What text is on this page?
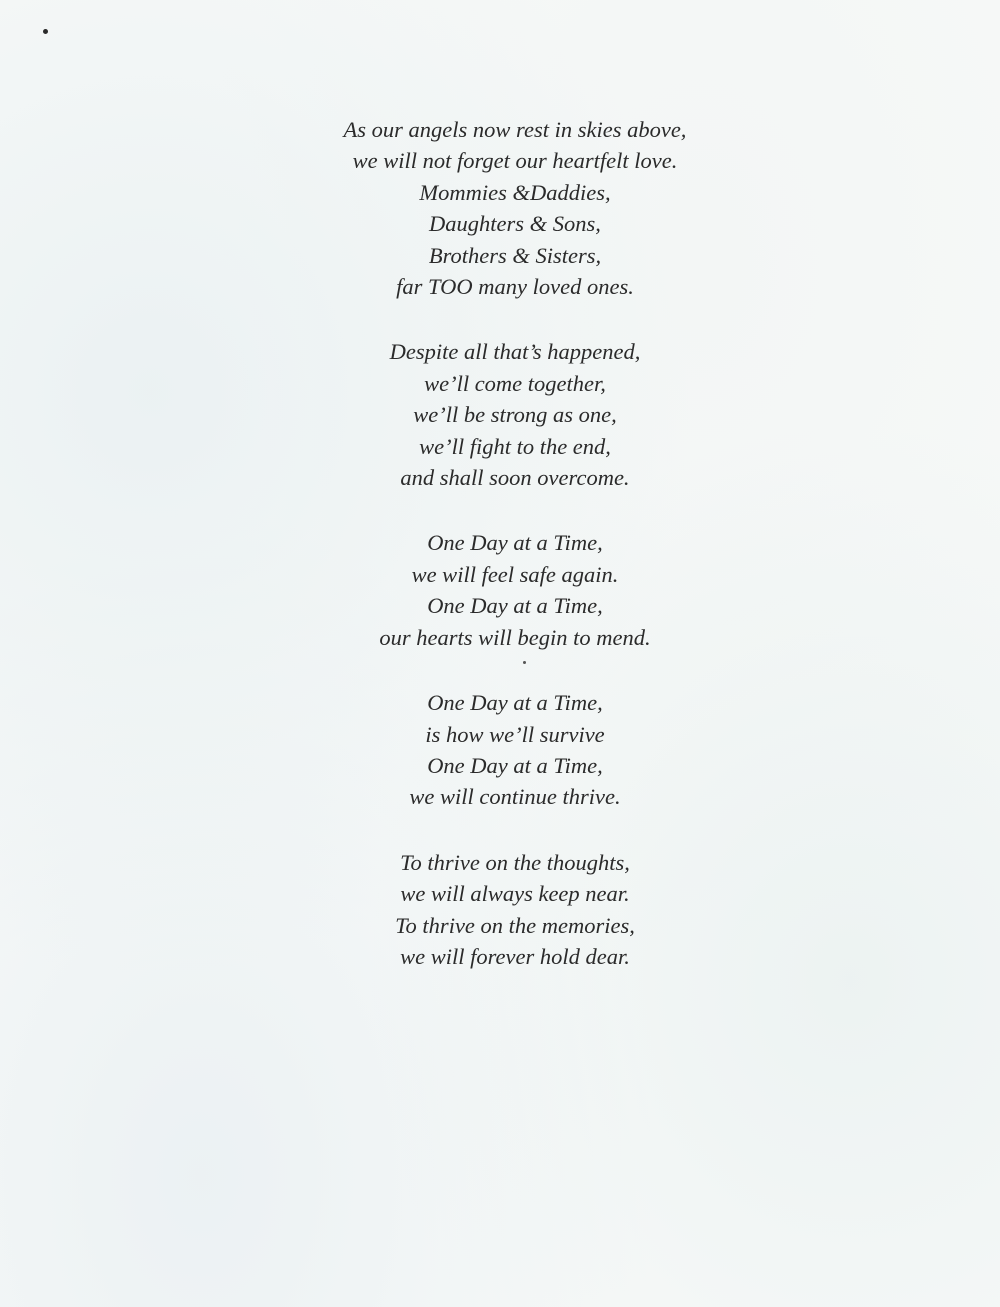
As our angels now rest in skies above,
we will not forget our heartfelt love.
Mommies &Daddies,
Daughters & Sons,
Brothers & Sisters,
far TOO many loved ones.
Despite all that’s happened,
we’ll come together,
we’ll be strong as one,
we’ll fight to the end,
and shall soon overcome.
One Day at a Time,
we will feel safe again.
One Day at a Time,
our hearts will begin to mend.
One Day at a Time,
is how we’ll survive
One Day at a Time,
we will continue thrive.
To thrive on the thoughts,
we will always keep near.
To thrive on the memories,
we will forever hold dear.
